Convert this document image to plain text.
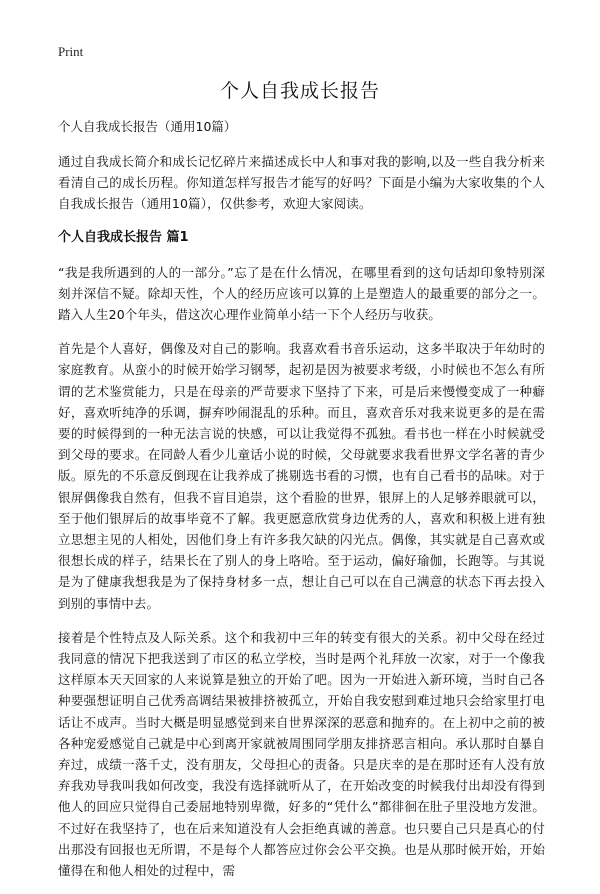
Print
个人自我成长报告

个人自我成长报告（通用10篇）

通过自我成长简介和成长记忆碎片来描述成长中人和事对我的影响,以及一些自我分析来看清自己的成长历程。你知道怎样写报告才能写的好吗？下面是小编为大家收集的个人自我成长报告（通用10篇），仅供参考，欢迎大家阅读。

个人自我成长报告 篇1

“我是我所遇到的人的一部分。”忘了是在什么情况，在哪里看到的这句话却印象特别深刻并深信不疑。除却天性，个人的经历应该可以算的上是塑造人的最重要的部分之一。踏入人生20个年头，借这次心理作业简单小结一下个人经历与收获。

首先是个人喜好，偶像及对自己的影响。我喜欢看书音乐运动，这多半取决于年幼时的家庭教育。从蛮小的时候开始学习钢琴，起初是因为被要求考级，小时候也不怎么有所谓的艺术鉴赏能力，只是在母亲的严苛要求下坚持了下来，可是后来慢慢变成了一种癖好，喜欢听纯净的乐调，摒弃吵闹混乱的乐种。而且，喜欢音乐对我来说更多的是在需要的时候得到的一种无法言说的快感，可以让我觉得不孤独。看书也一样在小时候就受到父母的要求。在同龄人看少儿童话小说的时候，父母就要求我看世界文学名著的青少版。原先的不乐意反倒现在让我养成了挑剔选书看的习惯，也有自己看书的品味。对于银屏偶像我自然有，但我不盲目追崇，这个看脸的世界，银屏上的人足够养眼就可以，至于他们银屏后的故事毕竟不了解。我更愿意欣赏身边优秀的人，喜欢和积极上进有独立思想主见的人相处，因他们身上有许多我欠缺的闪光点。偶像，其实就是自己喜欢或很想长成的样子，结果长在了别人的身上咯哈。至于运动，偏好瑜伽，长跑等。与其说是为了健康我想我是为了保持身材多一点，想让自己可以在自己满意的状态下再去投入到别的事情中去。

接着是个性特点及人际关系。这个和我初中三年的转变有很大的关系。初中父母在经过我同意的情况下把我送到了市区的私立学校，当时是两个礼拜放一次家，对于一个像我这样原本天天回家的人来说算是独立的开始了吧。因为一开始进入新环境，当时自己各种要强想证明自己优秀高调结果被排挤被孤立，开始自我安慰到难过地只会给家里打电话让不成声。当时大概是明显感觉到来自世界深深的恶意和抛弃的。在上初中之前的被各种宠爱感觉自己就是中心到离开家就被周围同学朋友排挤恶言相向。承认那时自暴自弃过，成绩一落千丈，没有朋友，父母担心的责备。只是庆幸的是在那时还有人没有放弃我劝导我叫我如何改变，我没有选择就听从了，在开始改变的时候我付出却没有得到他人的回应只觉得自己委屈地特别卑微，好多的“凭什么”都徘徊在肚子里没地方发泄。不过好在我坚持了，也在后来知道没有人会拒绝真诚的善意。也只要自己只是真心的付出那没有回报也无所谓，不是每个人都答应过你会公平交换。也是从那时候开始，开始懂得在和他人相处的过程中，需
